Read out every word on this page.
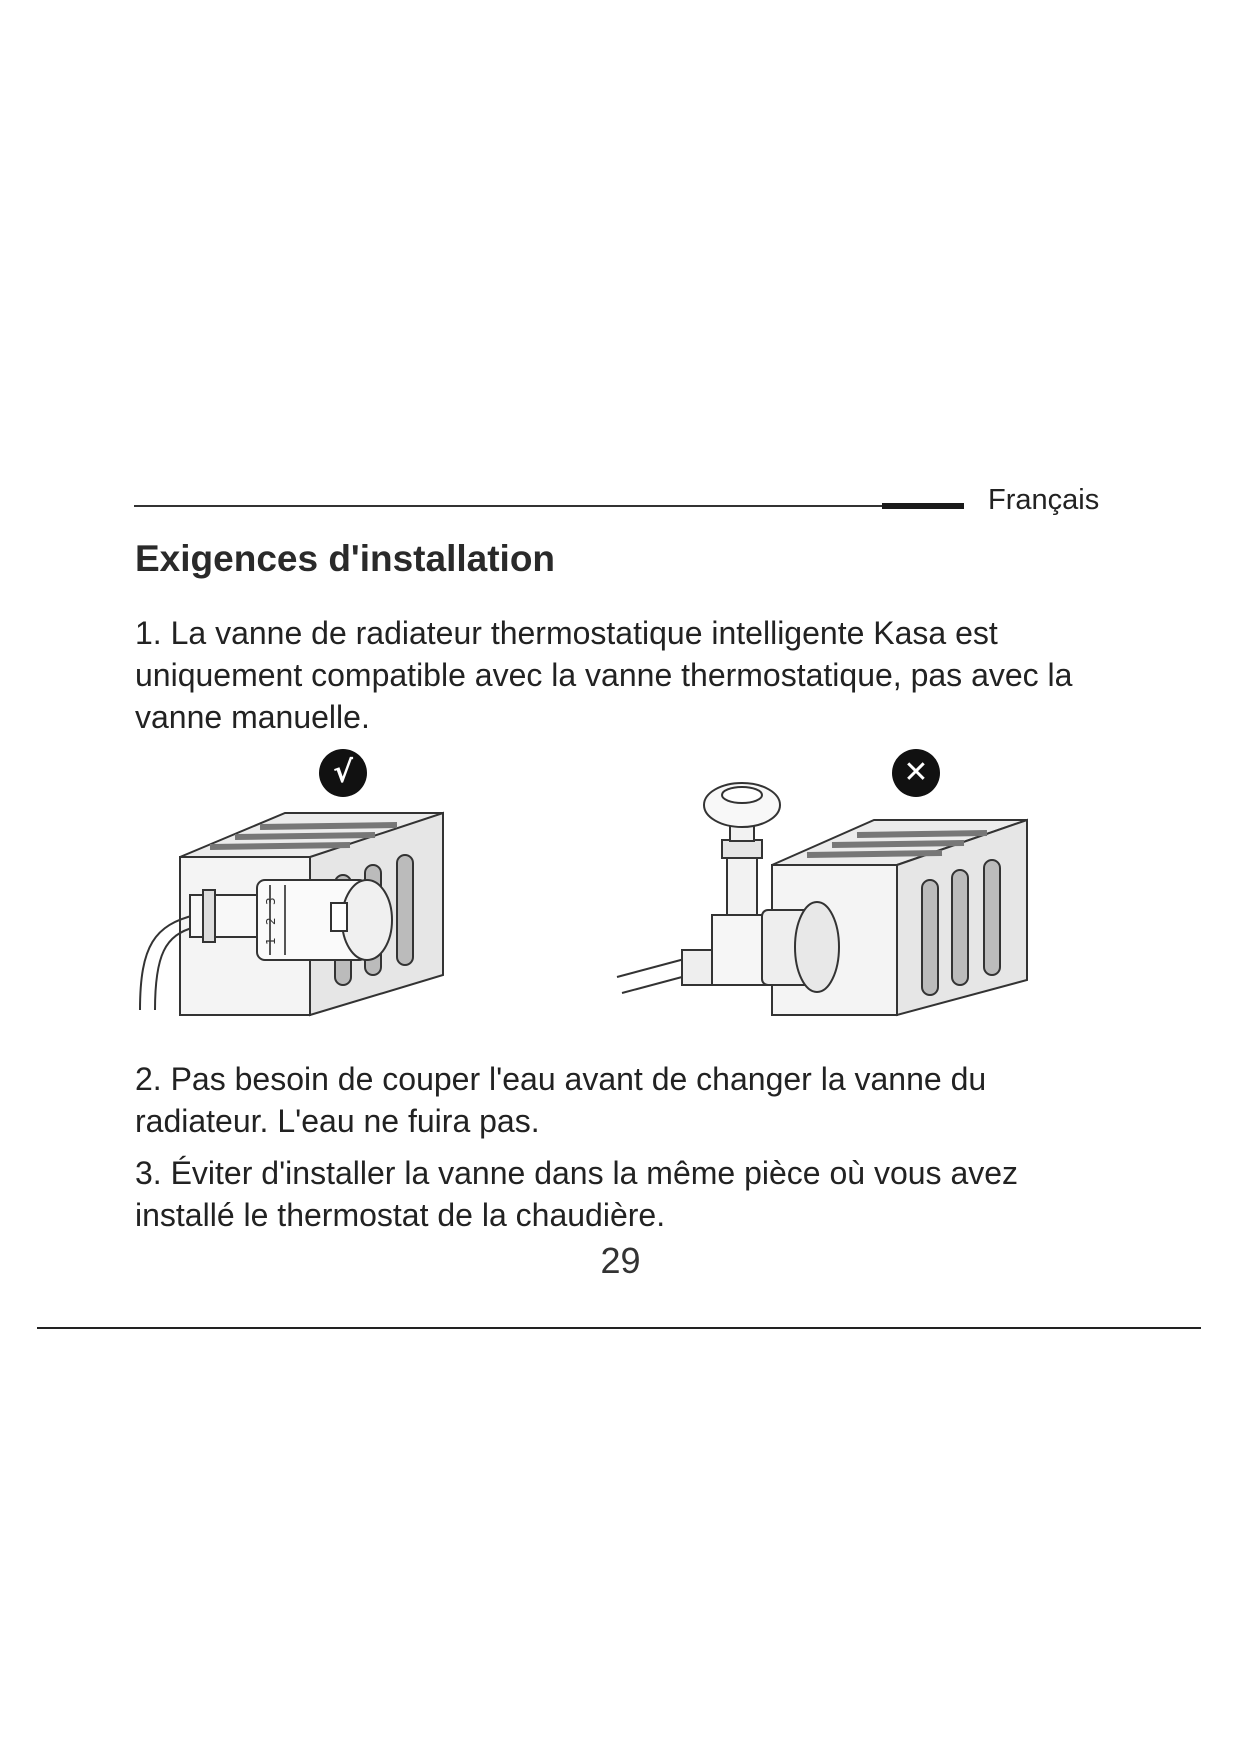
Français
Exigences d'installation

1. La vanne de radiateur thermostatique intelligente Kasa est uniquement compatible avec la vanne thermostatique, pas avec la vanne manuelle.

3
2
1
√	✕

2. Pas besoin de couper l'eau avant de changer la vanne du radiateur. L'eau ne fuira pas.

3. Éviter d'installer la vanne dans la même pièce où vous avez installé le thermostat de la chaudière.

29
